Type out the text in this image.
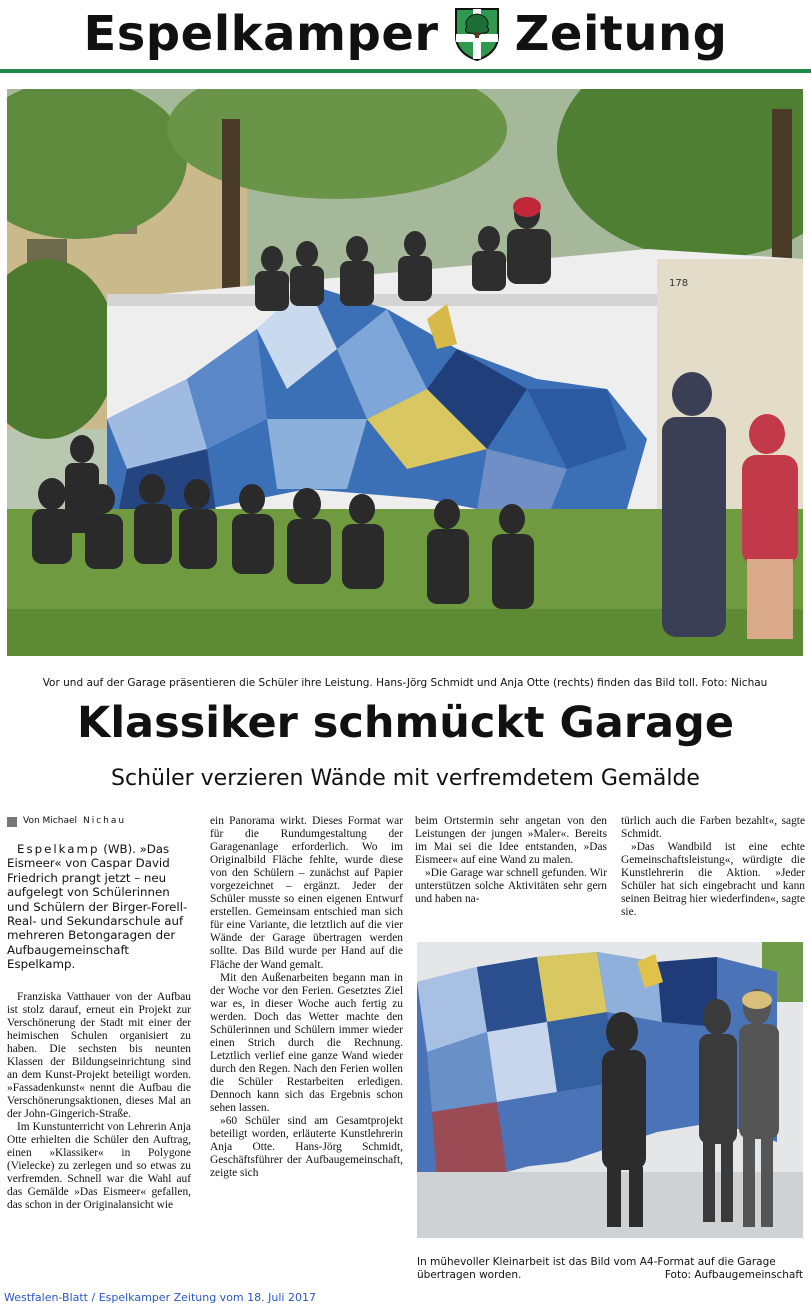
Espelkamper Zeitung
178
Vor und auf der Garage präsentieren die Schüler ihre Leistung. Hans-Jörg Schmidt und Anja Otte (rechts) finden das Bild toll. Foto: Nichau
Klassiker schmückt Garage
Schüler verzieren Wände mit verfremdetem Gemälde
Von Michael Nichau

Espelkamp (WB). »Das Eismeer« von Caspar David Friedrich prangt jetzt – neu aufgelegt von Schülerinnen und Schülern der Birger-Forell-Real- und Sekundarschule auf mehreren Betongaragen der Aufbaugemeinschaft Espelkamp.

Franziska Vatthauer von der Aufbau ist stolz darauf, erneut ein Projekt zur Verschönerung der Stadt mit einer der heimischen Schulen organisiert zu haben. Die sechsten bis neunten Klassen der Bildungseinrichtung sind an dem Kunst-Projekt beteiligt worden. »Fassadenkunst« nennt die Aufbau die Verschönerungsaktionen, dieses Mal an der John-Gingerich-Straße.

Im Kunstunterricht von Lehrerin Anja Otte erhielten die Schüler den Auftrag, einen »Klassiker« in Polygone (Vielecke) zu zerlegen und so etwas zu verfremden. Schnell war die Wahl auf das Gemälde »Das Eismeer« gefallen, das schon in der Originalansicht wie

ein Panorama wirkt. Dieses Format war für die Rundumgestaltung der Garagenanlage erforderlich. Wo im Originalbild Fläche fehlte, wurde diese von den Schülern – zunächst auf Papier vorgezeichnet – ergänzt. Jeder der Schüler musste so einen eigenen Entwurf erstellen. Gemeinsam entschied man sich für eine Variante, die letztlich auf die vier Wände der Garage übertragen werden sollte. Das Bild wurde per Hand auf die Fläche der Wand gemalt.

Mit den Außenarbeiten begann man in der Woche vor den Ferien. Gesetztes Ziel war es, in dieser Woche auch fertig zu werden. Doch das Wetter machte den Schülerinnen und Schülern immer wieder einen Strich durch die Rechnung. Letztlich verlief eine ganze Wand wieder durch den Regen. Nach den Ferien wollen die Schüler Restarbeiten erledigen. Dennoch kann sich das Ergebnis schon sehen lassen.

»60 Schüler sind am Gesamtprojekt beteiligt worden, erläuterte Kunstlehrerin Anja Otte. Hans-Jörg Schmidt, Geschäftsführer der Aufbaugemeinschaft, zeigte sich

beim Ortstermin sehr angetan von den Leistungen der jungen »Maler«. Bereits im Mai sei die Idee entstanden, »Das Eismeer« auf eine Wand zu malen.

»Die Garage war schnell gefunden. Wir unterstützen solche Aktivitäten sehr gern und haben na-

türlich auch die Farben bezahlt«, sagte Schmidt.

»Das Wandbild ist eine echte Gemeinschaftsleistung«, würdigte die Kunstlehrerin die Aktion. »Jeder Schüler hat sich eingebracht und kann seinen Beitrag hier wiederfinden«, sagte sie.

In mühevoller Kleinarbeit ist das Bild vom A4-Format auf die Garage übertragen worden.	Foto: Aufbaugemeinschaft
Westfalen-Blatt / Espelkamper Zeitung vom 18. Juli 2017
